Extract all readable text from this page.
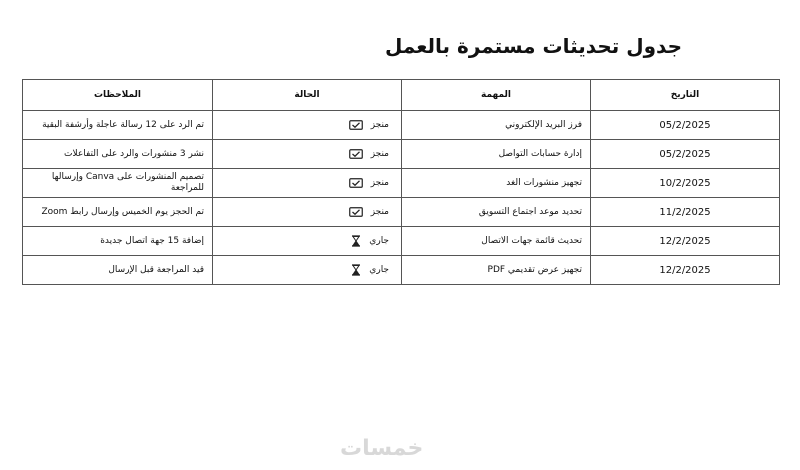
جدول تحديثات مستمرة بالعمل
التاريخ	المهمة	الحالة	الملاحظات
05/2/2025	فرز البريد الإلكتروني	منجز	تم الرد على 12 رسالة عاجلة وأرشفة البقية
05/2/2025	إدارة حسابات التواصل	منجز	نشر 3 منشورات والرد على التفاعلات
10/2/2025	تجهيز منشورات الغد	منجز	تصميم المنشورات على Canva وإرسالها للمراجعة
11/2/2025	تحديد موعد اجتماع التسويق	منجز	تم الحجز يوم الخميس وإرسال رابط Zoom
12/2/2025	تحديث قائمة جهات الاتصال	جاري	إضافة 15 جهة اتصال جديدة
12/2/2025	تجهيز عرض تقديمي PDF	جاري	قيد المراجعة قبل الإرسال
خمسات
